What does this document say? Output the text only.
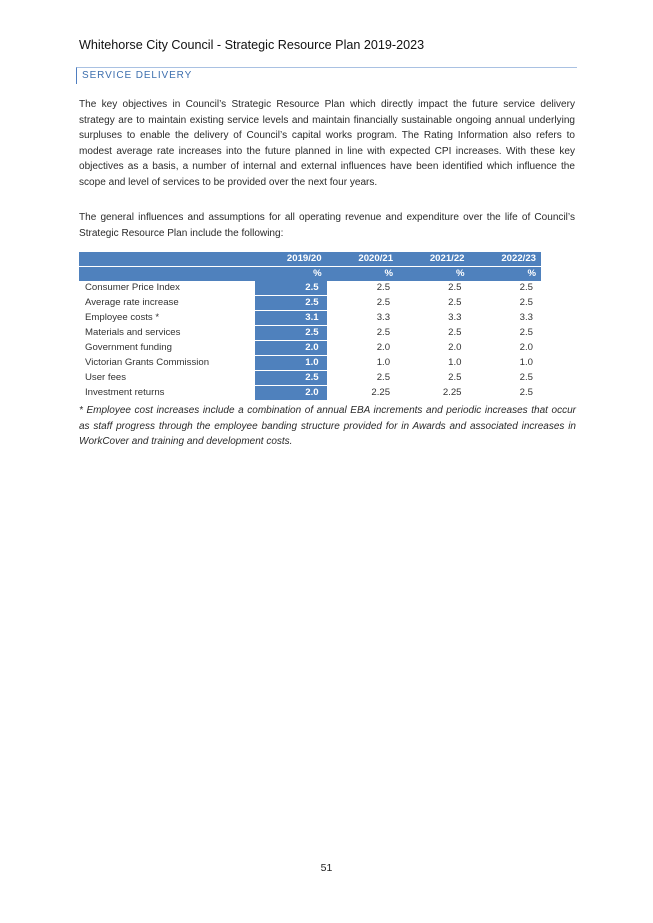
Whitehorse City Council - Strategic Resource Plan 2019-2023
SERVICE DELIVERY

The key objectives in Council’s Strategic Resource Plan which directly impact the future service delivery strategy are to maintain existing service levels and maintain financially sustainable ongoing annual underlying surpluses to enable the delivery of Council’s capital works program. The Rating Information also refers to modest average rate increases into the future planned in line with expected CPI increases. With these key objectives as a basis, a number of internal and external influences have been identified which influence the scope and level of services to be provided over the next four years.

The general influences and assumptions for all operating revenue and expenditure over the life of Council’s Strategic Resource Plan include the following:

	2019/20	2020/21	2021/22	2022/23
	%	%	%	%
Consumer Price Index	2.5	2.5	2.5	2.5
Average rate increase	2.5	2.5	2.5	2.5
Employee costs *	3.1	3.3	3.3	3.3
Materials and services	2.5	2.5	2.5	2.5
Government funding	2.0	2.0	2.0	2.0
Victorian Grants Commission	1.0	1.0	1.0	1.0
User fees	2.5	2.5	2.5	2.5
Investment returns	2.0	2.25	2.25	2.5

* Employee cost increases include a combination of annual EBA increments and periodic increases that occur as staff progress through the employee banding structure provided for in Awards and associated increases in WorkCover and training and development costs.

51
